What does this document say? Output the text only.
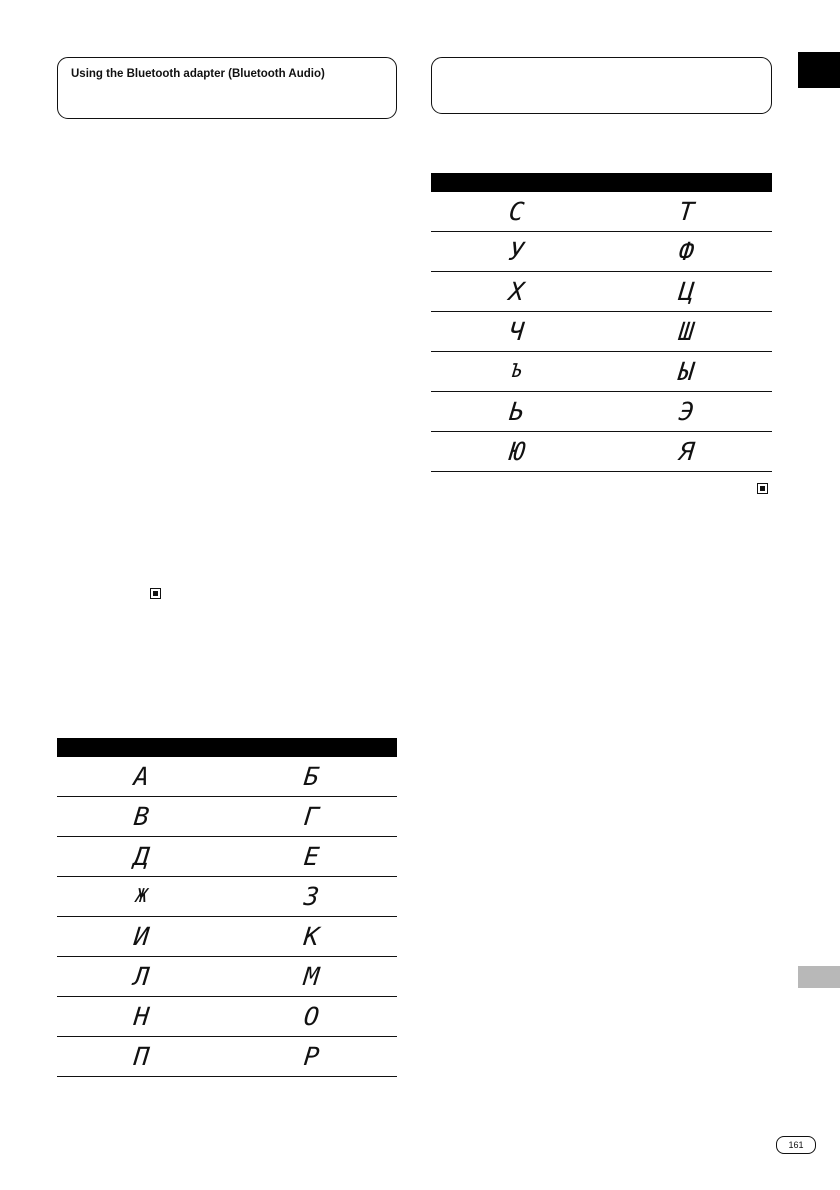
Using the Bluetooth adapter (Bluetooth Audio)

С	Т
У	Ф
Х	Ц
Ч	Ш
Ъ	Ы
Ь	Э
Ю	Я

А	Б
В	Г
Д	Е
Ж	З
И	К
Л	М
Н	О
П	Р
161
